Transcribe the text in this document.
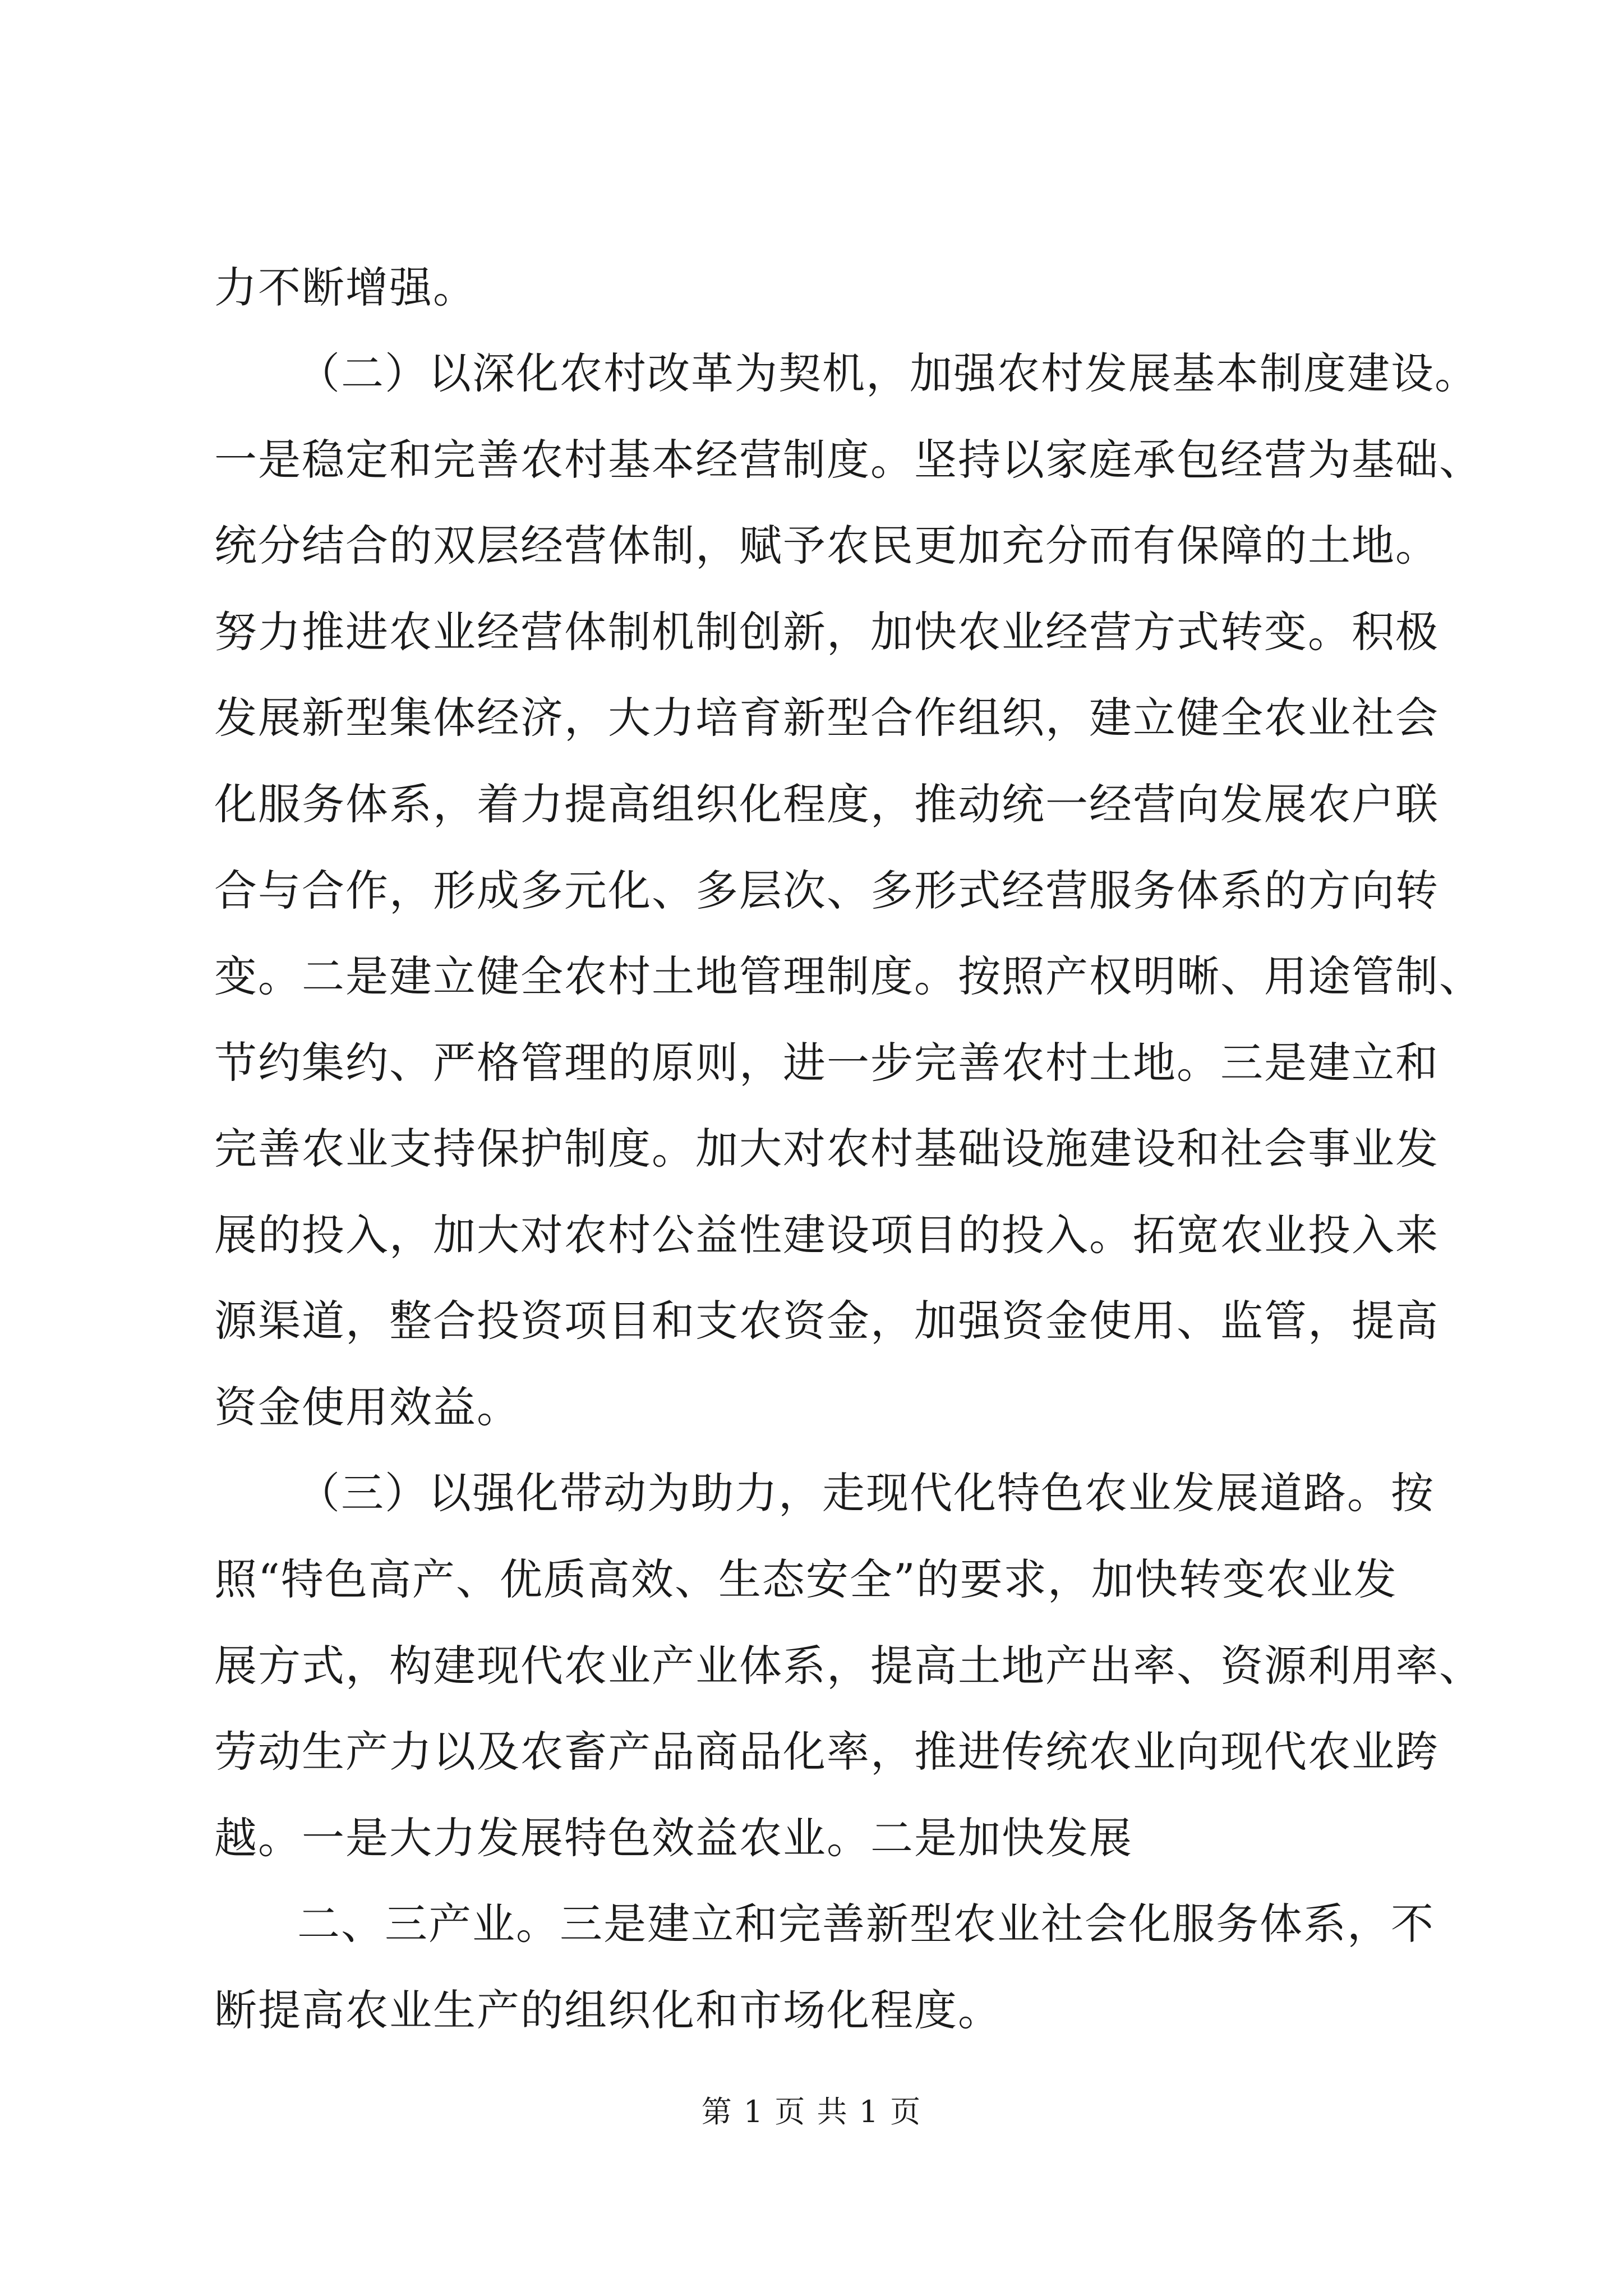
力不断增强。
（二）以深化农村改革为契机，加强农村发展基本制度建设。
一是稳定和完善农村基本经营制度。坚持以家庭承包经营为基础、
统分结合的双层经营体制，赋予农民更加充分而有保障的土地。
努力推进农业经营体制机制创新，加快农业经营方式转变。积极
发展新型集体经济，大力培育新型合作组织，建立健全农业社会
化服务体系，着力提高组织化程度，推动统一经营向发展农户联
合与合作，形成多元化、多层次、多形式经营服务体系的方向转
变。二是建立健全农村土地管理制度。按照产权明晰、用途管制、
节约集约、严格管理的原则，进一步完善农村土地。三是建立和
完善农业支持保护制度。加大对农村基础设施建设和社会事业发
展的投入，加大对农村公益性建设项目的投入。拓宽农业投入来
源渠道，整合投资项目和支农资金，加强资金使用、监管，提高
资金使用效益。
（三）以强化带动为助力，走现代化特色农业发展道路。按
照“特色高产、优质高效、生态安全”的要求，加快转变农业发
展方式，构建现代农业产业体系，提高土地产出率、资源利用率、
劳动生产力以及农畜产品商品化率，推进传统农业向现代农业跨
越。一是大力发展特色效益农业。二是加快发展
二、三产业。三是建立和完善新型农业社会化服务体系，不
断提高农业生产的组织化和市场化程度。
第 1 页 共 1 页
